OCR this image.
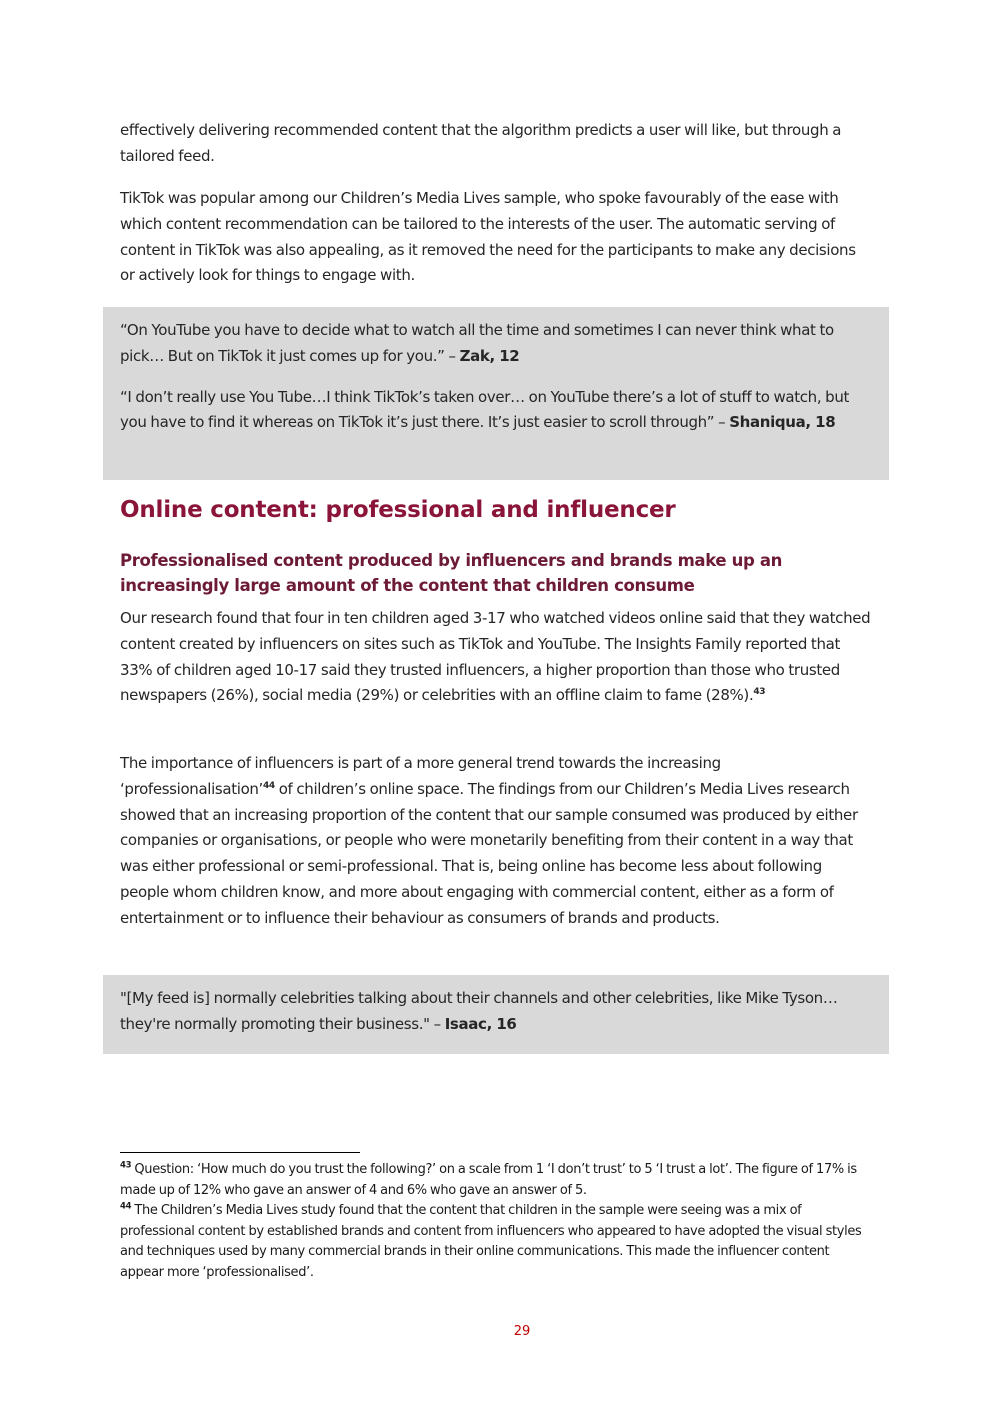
effectively delivering recommended content that the algorithm predicts a user will like, but through a tailored feed.

TikTok was popular among our Children’s Media Lives sample, who spoke favourably of the ease with which content recommendation can be tailored to the interests of the user. The automatic serving of content in TikTok was also appealing, as it removed the need for the participants to make any decisions or actively look for things to engage with.

“On YouTube you have to decide what to watch all the time and sometimes I can never think what to pick… But on TikTok it just comes up for you.” – Zak, 12

“I don’t really use You Tube…I think TikTok’s taken over… on YouTube there’s a lot of stuff to watch, but you have to find it whereas on TikTok it’s just there. It’s just easier to scroll through” – Shaniqua, 18

Online content: professional and influencer
Professionalised content produced by influencers and brands make up an increasingly large amount of the content that children consume

Our research found that four in ten children aged 3-17 who watched videos online said that they watched content created by influencers on sites such as TikTok and YouTube. The Insights Family reported that 33% of children aged 10-17 said they trusted influencers, a higher proportion than those who trusted newspapers (26%), social media (29%) or celebrities with an offline claim to fame (28%).$^{43}$

The importance of influencers is part of a more general trend towards the increasing ‘professionalisation’$^{44}$ of children’s online space. The findings from our Children’s Media Lives research showed that an increasing proportion of the content that our sample consumed was produced by either companies or organisations, or people who were monetarily benefiting from their content in a way that was either professional or semi-professional. That is, being online has become less about following people whom children know, and more about engaging with commercial content, either as a form of entertainment or to influence their behaviour as consumers of brands and products.

"[My feed is] normally celebrities talking about their channels and other celebrities, like Mike Tyson… they're normally promoting their business." – Isaac, 16

$^{43}$ Question: ‘How much do you trust the following?’ on a scale from 1 ‘I don’t trust’ to 5 ‘I trust a lot’. The figure of 17% is made up of 12% who gave an answer of 4 and 6% who gave an answer of 5.

$^{44}$ The Children’s Media Lives study found that the content that children in the sample were seeing was a mix of professional content by established brands and content from influencers who appeared to have adopted the visual styles and techniques used by many commercial brands in their online communications. This made the influencer content appear more ‘professionalised’.

29
